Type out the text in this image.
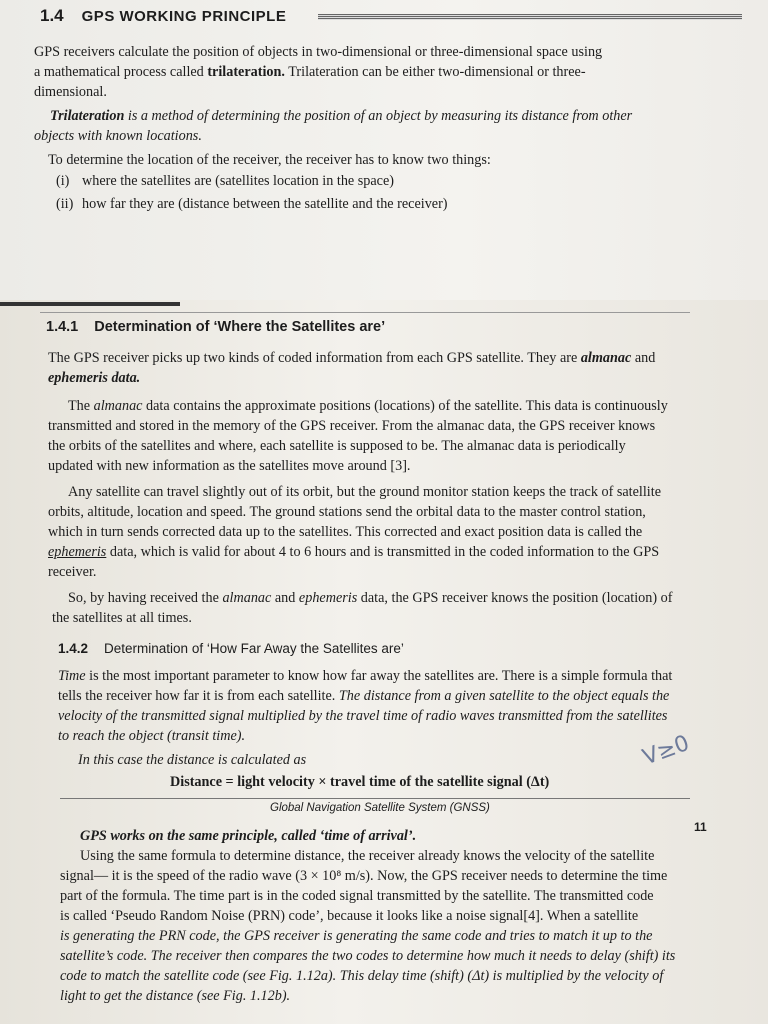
1.4 GPS WORKING PRINCIPLE

GPS receivers calculate the position of objects in two-dimensional or three-dimensional space using

a mathematical process called trilateration. Trilateration can be either two-dimensional or three-

dimensional.

Trilateration is a method of determining the position of an object by measuring its distance from other

objects with known locations.

To determine the location of the receiver, the receiver has to know two things:

(i) where the satellites are (satellites location in the space)

(ii) how far they are (distance between the satellite and the receiver)

1.4.1 Determination of ‘Where the Satellites are’

The GPS receiver picks up two kinds of coded information from each GPS satellite. They are almanac and

ephemeris data.

The almanac data contains the approximate positions (locations) of the satellite. This data is continuously

transmitted and stored in the memory of the GPS receiver. From the almanac data, the GPS receiver knows

the orbits of the satellites and where, each satellite is supposed to be. The almanac data is periodically

updated with new information as the satellites move around [3].

Any satellite can travel slightly out of its orbit, but the ground monitor station keeps the track of satellite

orbits, altitude, location and speed. The ground stations send the orbital data to the master control station,

which in turn sends corrected data up to the satellites. This corrected and exact position data is called the

ephemeris data, which is valid for about 4 to 6 hours and is transmitted in the coded information to the GPS

receiver.

So, by having received the almanac and ephemeris data, the GPS receiver knows the position (location) of

the satellites at all times.

1.4.2 Determination of ‘How Far Away the Satellites are’

Time is the most important parameter to know how far away the satellites are. There is a simple formula that

tells the receiver how far it is from each satellite. The distance from a given satellite to the object equals the

velocity of the transmitted signal multiplied by the travel time of radio waves transmitted from the satellites

to reach the object (transit time).

In this case the distance is calculated as

Distance = light velocity × travel time of the satellite signal (Δt)

V≥0

Global Navigation Satellite System (GNSS)

11

GPS works on the same principle, called ‘time of arrival’.

Using the same formula to determine distance, the receiver already knows the velocity of the satellite

signal— it is the speed of the radio wave (3 × 10⁸ m/s). Now, the GPS receiver needs to determine the time

part of the formula. The time part is in the coded signal transmitted by the satellite. The transmitted code

is called ‘Pseudo Random Noise (PRN) code’, because it looks like a noise signal[4]. When a satellite

is generating the PRN code, the GPS receiver is generating the same code and tries to match it up to the

satellite’s code. The receiver then compares the two codes to determine how much it needs to delay (shift) its

code to match the satellite code (see Fig. 1.12a). This delay time (shift) (Δt) is multiplied by the velocity of

light to get the distance (see Fig. 1.12b).
